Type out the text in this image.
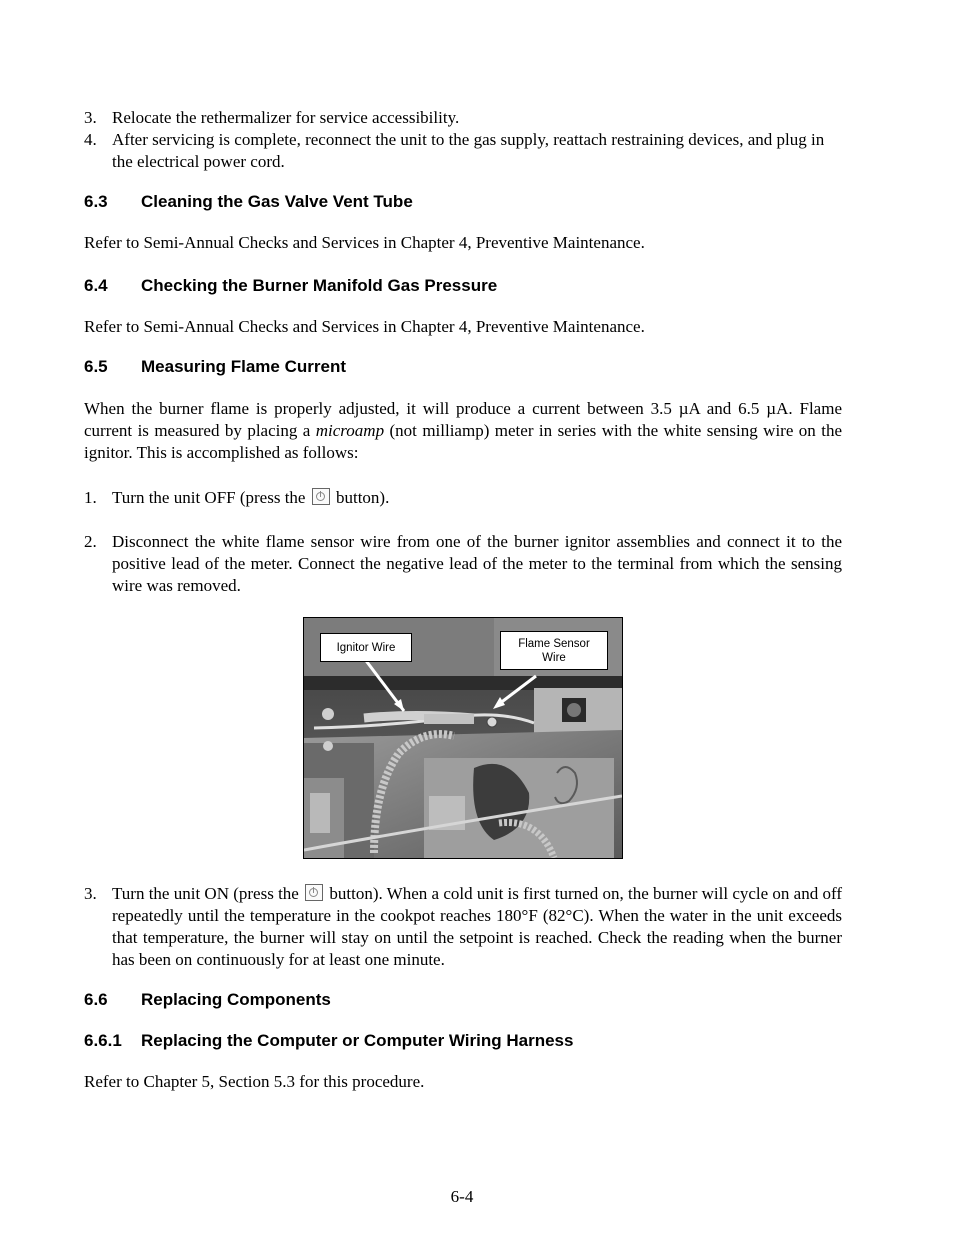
3. Relocate the rethermalizer for service accessibility.
4. After servicing is complete, reconnect the unit to the gas supply, reattach restraining devices, and plug in the electrical power cord.
6.3 Cleaning the Gas Valve Vent Tube

Refer to Semi-Annual Checks and Services in Chapter 4, Preventive Maintenance.

6.4 Checking the Burner Manifold Gas Pressure

Refer to Semi-Annual Checks and Services in Chapter 4, Preventive Maintenance.

6.5 Measuring Flame Current

When the burner flame is properly adjusted, it will produce a current between 3.5 µA and 6.5 µA. Flame current is measured by placing a microamp (not milliamp) meter in series with the white sensing wire on the ignitor. This is accomplished as follows:

1. Turn the unit OFF (press the  button).
2. Disconnect the white flame sensor wire from one of the burner ignitor assemblies and connect it to the positive lead of the meter. Connect the negative lead of the meter to the terminal from which the sensing wire was removed.
Ignitor Wire	Flame Sensor Wire
3. Turn the unit ON (press the  button). When a cold unit is first turned on, the burner will cycle on and off repeatedly until the temperature in the cookpot reaches 180°F (82°C). When the water in the unit exceeds that temperature, the burner will stay on until the setpoint is reached. Check the reading when the burner has been on continuously for at least one minute.
6.6 Replacing Components
6.6.1 Replacing the Computer or Computer Wiring Harness

Refer to Chapter 5, Section 5.3 for this procedure.

6-4
